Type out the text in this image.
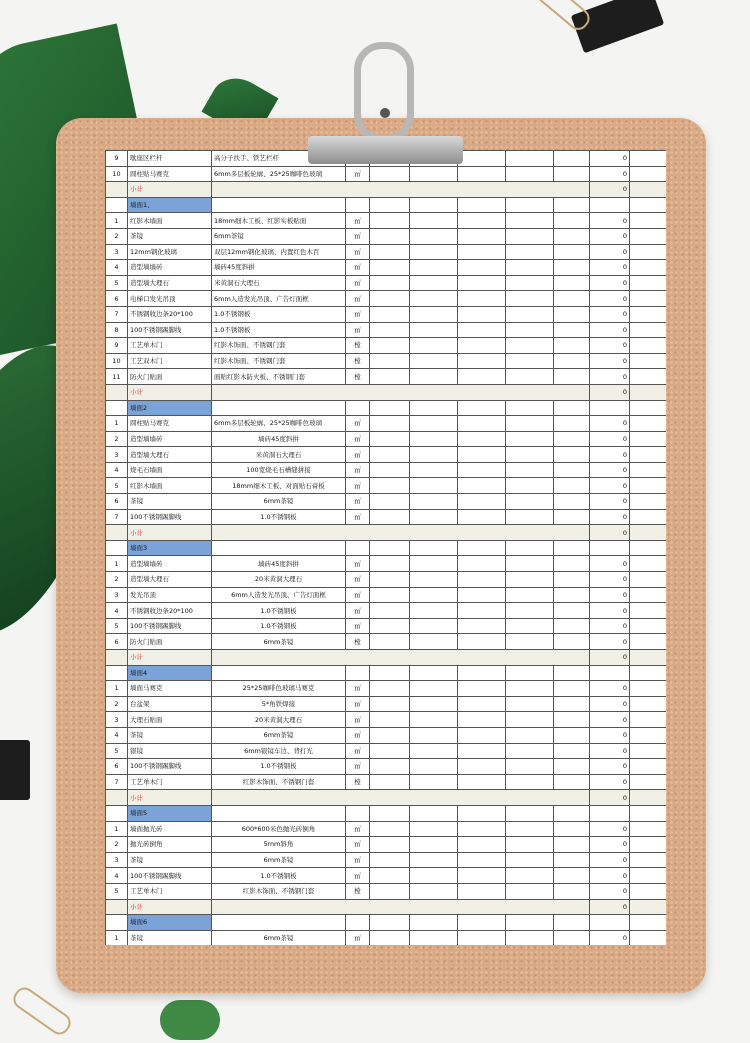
9	歇座区栏杆	高分子扶手、铁艺栏杆							0	
10	圆柱贴马赛克	6mm多层板轮廓、25*25咖啡色玻璃	㎡						0	
	小计								0	
	墙面1、									
1	红影木墙面	18mm细木工板、红影实板贴面	㎡						0	
2	茶镜	6mm茶镜	㎡						0	
3	12mm钢化玻璃	双层12mm钢化玻璃、内置红色木百	㎡						0	
4	造型墙墙砖	墙砖45度斜拼	㎡						0	
5	造型墙大理石	米黄洞石大理石	㎡						0	
6	电梯口发光吊顶	6mm人造发光吊顶、广告灯面框	㎡						0	
7	不锈钢收边条20*100	1.0不锈钢板	㎡						0	
8	100不锈钢踢脚线	1.0不锈钢板	㎡						0	
9	工艺单木门	红影木饰面、不锈钢门套	樘						0	
10	工艺双木门	红影木饰面、不锈钢门套	樘						0	
11	防火门贴面	面贴红影木防火板、不锈钢门套	樘						0	
	小计								0	
	墙面2									
1	圆柱贴马赛克	6mm多层板轮廓、25*25咖啡色玻璃	㎡						0	
2	造型墙墙砖	墙砖45度斜拼	㎡						0	
3	造型墙大理石	米黄洞石大理石	㎡						0	
4	烧毛石墙面	100宽烧毛石槽缝拼接	㎡						0	
5	红影木墙面	18mm细木工板、对面贴石膏板	㎡						0	
6	茶镜	6mm茶镜	㎡						0	
7	100不锈钢踢脚线	1.0不锈钢板	㎡						0	
	小计								0	
	墙面3									
1	造型墙墙砖	墙砖45度斜拼	㎡						0	
2	造型墙大理石	20米黄洞大理石	㎡						0	
3	发光吊顶	6mm人造发光吊顶、广告灯面框	㎡						0	
4	不锈钢收边条20*100	1.0不锈钢板	㎡						0	
5	100不锈钢踢脚线	1.0不锈钢板	㎡						0	
6	防火门贴面	6mm茶镜	樘						0	
	小计								0	
	墙面4									
1	墙面马赛克	25*25咖啡色玻璃马赛克	㎡						0	
2	台盆架	5*角铁焊接	㎡						0	
3	大理石贴面	20米黄洞大理石	㎡						0	
4	茶镜	6mm茶镜	㎡						0	
5	银镜	6mm银镜车边、背打光	㎡						0	
6	100不锈钢踢脚线	1.0不锈钢板	㎡						0	
7	工艺单木门	红影木饰面、不锈钢门套	樘						0	
	小计								0	
	墙面5									
1	墙面抛光砖	600*600米色抛光砖倒角	㎡						0	
2	抛光砖倒角	5mm斜角	㎡						0	
3	茶镜	6mm茶镜	㎡						0	
4	100不锈钢踢脚线	1.0不锈钢板	㎡						0	
5	工艺单木门	红影木饰面、不锈钢门套	樘						0	
	小计								0	
	墙面6									
1	茶镜	6mm茶镜	㎡						0	
